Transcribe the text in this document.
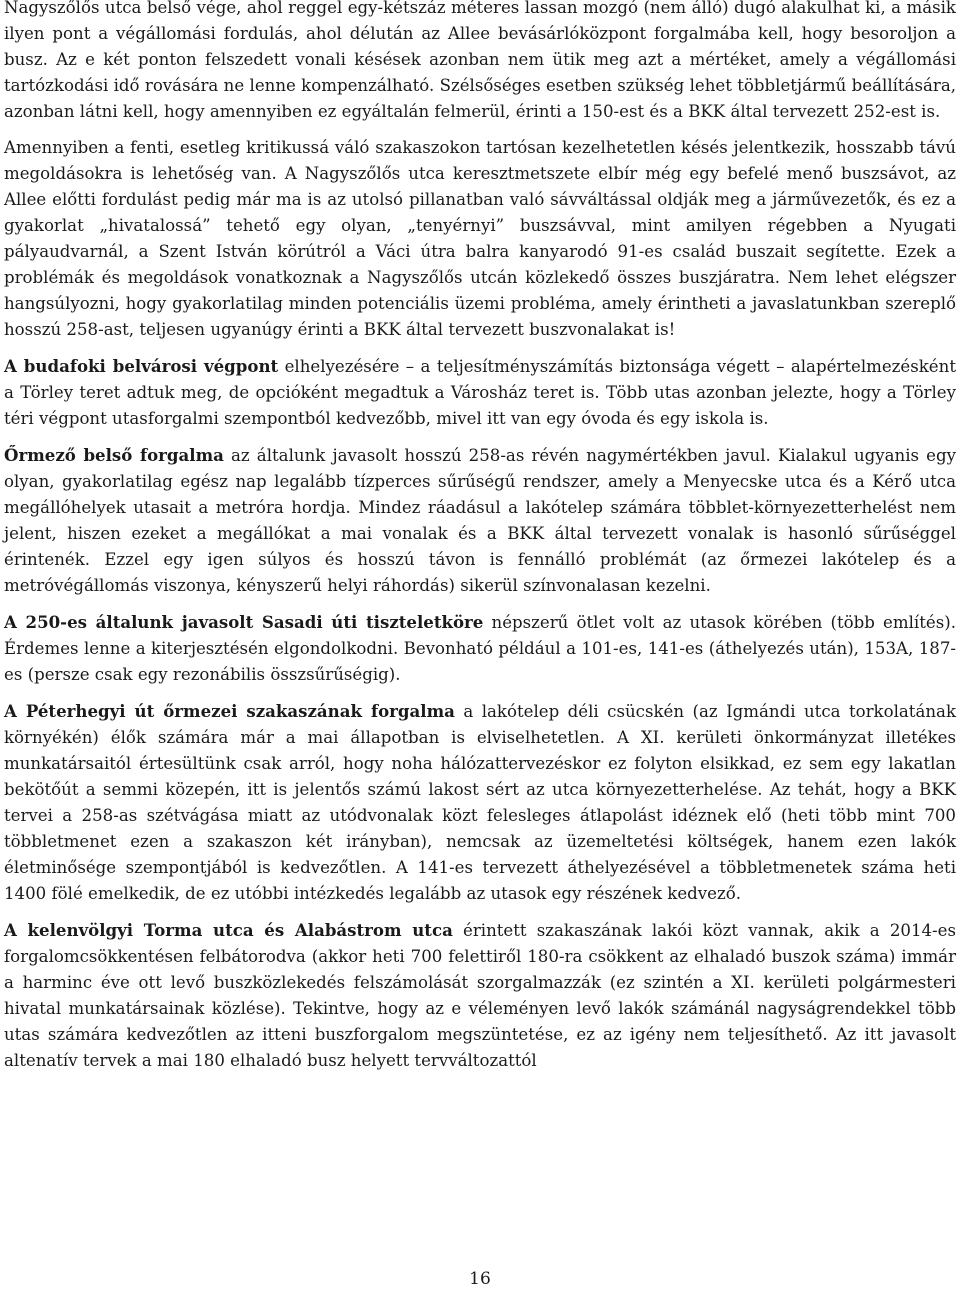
Nagyszőlős utca belső vége, ahol reggel egy-kétszáz méteres lassan mozgó (nem álló) dugó alakulhat ki, a másik ilyen pont a végállomási fordulás, ahol délután az Allee bevásárlóközpont forgalmába kell, hogy besoroljon a busz. Az e két ponton felszedett vonali késések azonban nem ütik meg azt a mértéket, amely a végállomási tartózkodási idő rovására ne lenne kompenzálható. Szélsőséges esetben szükség lehet többletjármű beállítására, azonban látni kell, hogy amennyiben ez egyáltalán felmerül, érinti a 150-est és a BKK által tervezett 252-est is.

Amennyiben a fenti, esetleg kritikussá váló szakaszokon tartósan kezelhetetlen késés jelentkezik, hosszabb távú megoldásokra is lehetőség van. A Nagyszőlős utca keresztmetszete elbír még egy befelé menő buszsávot, az Allee előtti fordulást pedig már ma is az utolsó pillanatban való sávváltással oldják meg a járművezetők, és ez a gyakorlat „hivatalossá” tehető egy olyan, „tenyérnyi” buszsávval, mint amilyen régebben a Nyugati pályaudvarnál, a Szent István körútról a Váci útra balra kanyarodó 91-es család buszait segítette. Ezek a problémák és megoldások vonatkoznak a Nagyszőlős utcán közlekedő összes buszjáratra. Nem lehet elégszer hangsúlyozni, hogy gyakorlatilag minden potenciális üzemi probléma, amely érintheti a javaslatunkban szereplő hosszú 258-ast, teljesen ugyanúgy érinti a BKK által tervezett buszvonalakat is!

A budafoki belvárosi végpont elhelyezésére – a teljesítményszámítás biztonsága végett – alapértelmezésként a Törley teret adtuk meg, de opcióként megadtuk a Városház teret is. Több utas azonban jelezte, hogy a Törley téri végpont utasforgalmi szempontból kedvezőbb, mivel itt van egy óvoda és egy iskola is.

Őrmező belső forgalma az általunk javasolt hosszú 258-as révén nagymértékben javul. Kialakul ugyanis egy olyan, gyakorlatilag egész nap legalább tízperces sűrűségű rendszer, amely a Menyecske utca és a Kérő utca megállóhelyek utasait a metróra hordja. Mindez ráadásul a lakótelep számára többlet-környezetterhelést nem jelent, hiszen ezeket a megállókat a mai vonalak és a BKK által tervezett vonalak is hasonló sűrűséggel érintenék. Ezzel egy igen súlyos és hosszú távon is fennálló problémát (az őrmezei lakótelep és a metróvégállomás viszonya, kényszerű helyi ráhordás) sikerül színvonalasan kezelni.

A 250-es általunk javasolt Sasadi úti tiszteletköre népszerű ötlet volt az utasok körében (több említés). Érdemes lenne a kiterjesztésén elgondolkodni. Bevonható például a 101-es, 141-es (áthelyezés után), 153A, 187-es (persze csak egy rezonábilis összsűrűségig).

A Péterhegyi út őrmezei szakaszának forgalma a lakótelep déli csücskén (az Igmándi utca torkolatának környékén) élők számára már a mai állapotban is elviselhetetlen. A XI. kerületi önkormányzat illetékes munkatársaitól értesültünk csak arról, hogy noha hálózattervezéskor ez folyton elsikkad, ez sem egy lakatlan bekötőút a semmi közepén, itt is jelentős számú lakost sért az utca környezetterhelése. Az tehát, hogy a BKK tervei a 258-as szétvágása miatt az utódvonalak közt felesleges átlapolást idéznek elő (heti több mint 700 többletmenet ezen a szakaszon két irányban), nemcsak az üzemeltetési költségek, hanem ezen lakók életminősége szempontjából is kedvezőtlen. A 141-es tervezett áthelyezésével a többletmenetek száma heti 1400 fölé emelkedik, de ez utóbbi intézkedés legalább az utasok egy részének kedvező.

A kelenvölgyi Torma utca és Alabástrom utca érintett szakaszának lakói közt vannak, akik a 2014-es forgalomcsökkentésen felbátorodva (akkor heti 700 felettiről 180-ra csökkent az elhaladó buszok száma) immár a harminc éve ott levő buszközlekedés felszámolását szorgalmazzák (ez szintén a XI. kerületi polgármesteri hivatal munkatársainak közlése). Tekintve, hogy az e véleményen levő lakók számánál nagyságrendekkel több utas számára kedvezőtlen az itteni buszforgalom megszüntetése, ez az igény nem teljesíthető. Az itt javasolt altenatív tervek a mai 180 elhaladó busz helyett tervváltozattól

16
